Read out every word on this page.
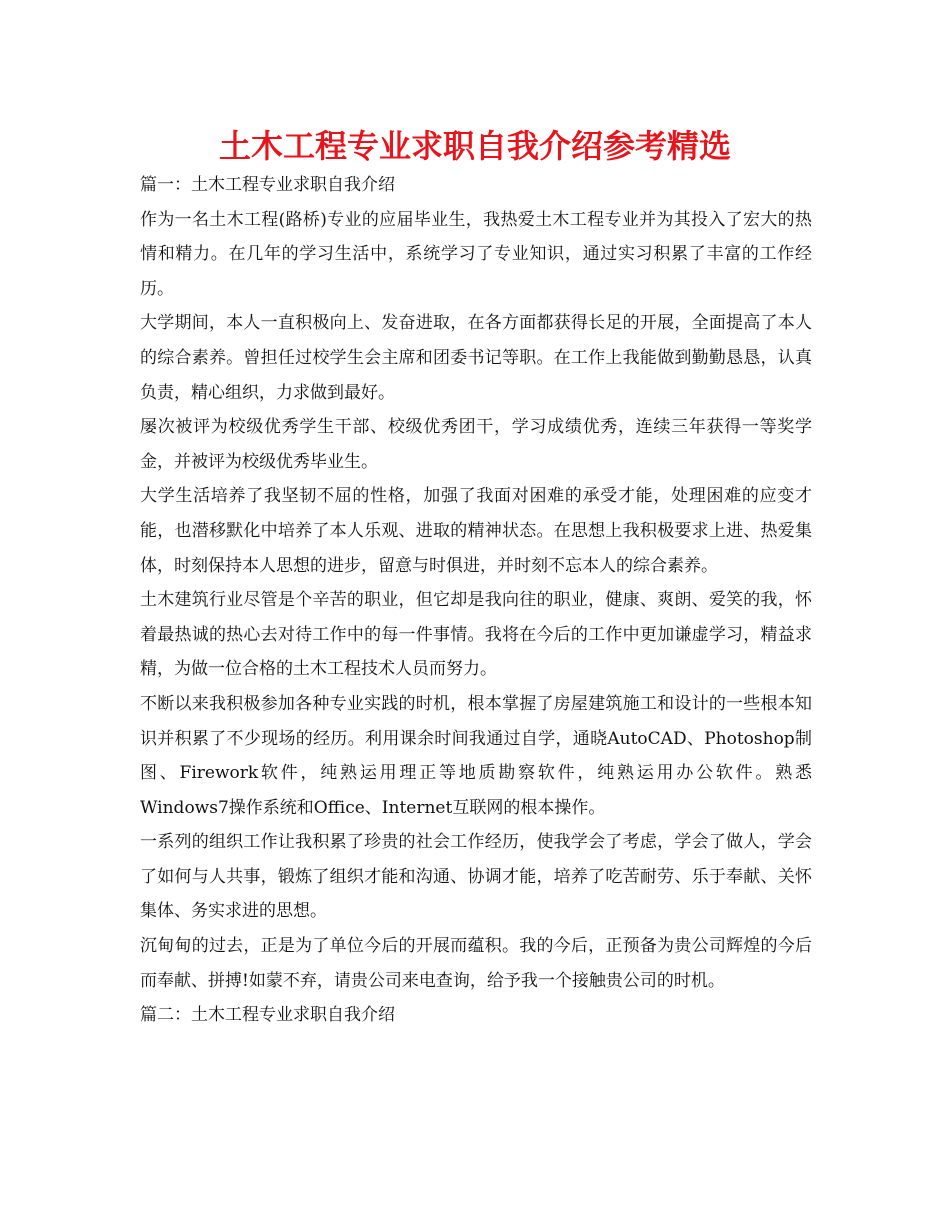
土木工程专业求职自我介绍参考精选

篇一：土木工程专业求职自我介绍

作为一名土木工程(路桥)专业的应届毕业生，我热爱土木工程专业并为其投入了宏大的热情和精力。在几年的学习生活中，系统学习了专业知识，通过实习积累了丰富的工作经历。

大学期间，本人一直积极向上、发奋进取，在各方面都获得长足的开展，全面提高了本人的综合素养。曾担任过校学生会主席和团委书记等职。在工作上我能做到勤勤恳恳，认真负责，精心组织，力求做到最好。

屡次被评为校级优秀学生干部、校级优秀团干，学习成绩优秀，连续三年获得一等奖学金，并被评为校级优秀毕业生。

大学生活培养了我坚韧不屈的性格，加强了我面对困难的承受才能，处理困难的应变才能，也潜移默化中培养了本人乐观、进取的精神状态。在思想上我积极要求上进、热爱集体，时刻保持本人思想的进步，留意与时俱进，并时刻不忘本人的综合素养。

土木建筑行业尽管是个辛苦的职业，但它却是我向往的职业，健康、爽朗、爱笑的我，怀着最热诚的热心去对待工作中的每一件事情。我将在今后的工作中更加谦虚学习，精益求精，为做一位合格的土木工程技术人员而努力。

不断以来我积极参加各种专业实践的时机，根本掌握了房屋建筑施工和设计的一些根本知识并积累了不少现场的经历。利用课余时间我通过自学，通晓AutoCAD、Photoshop制图、Firework软件，纯熟运用理正等地质勘察软件，纯熟运用办公软件。熟悉Windows7操作系统和Office、Internet互联网的根本操作。

一系列的组织工作让我积累了珍贵的社会工作经历，使我学会了考虑，学会了做人，学会了如何与人共事，锻炼了组织才能和沟通、协调才能，培养了吃苦耐劳、乐于奉献、关怀集体、务实求进的思想。

沉甸甸的过去，正是为了单位今后的开展而蕴积。我的今后，正预备为贵公司辉煌的今后而奉献、拼搏!如蒙不弃，请贵公司来电查询，给予我一个接触贵公司的时机。

篇二：土木工程专业求职自我介绍
